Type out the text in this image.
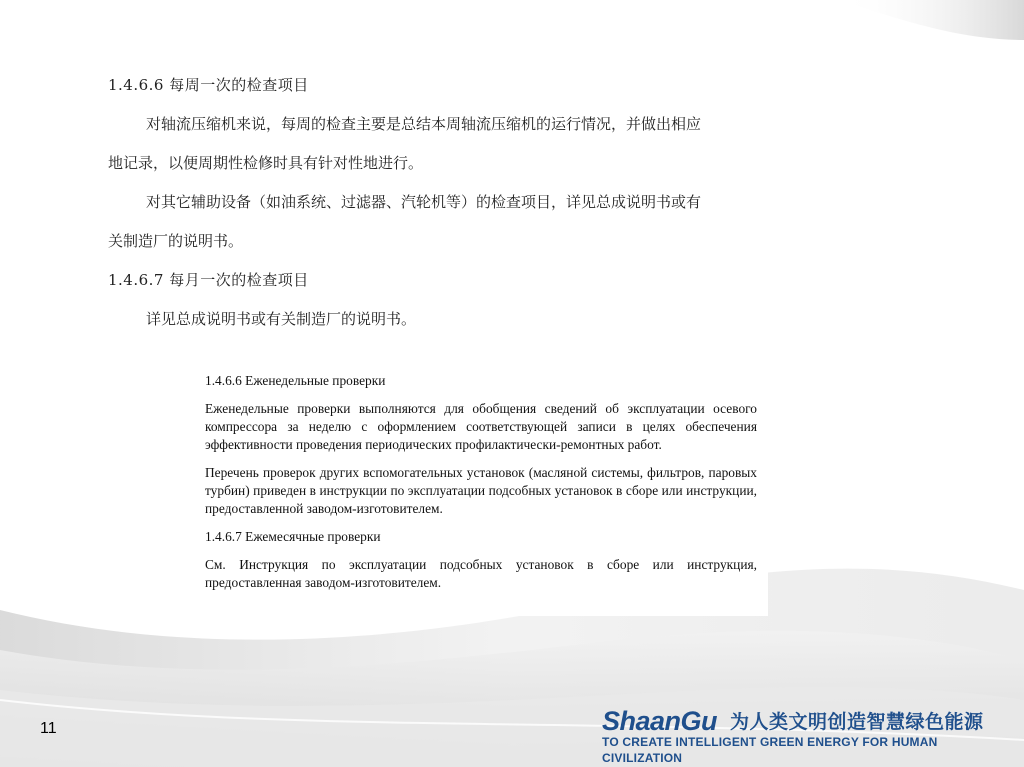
1.4.6.6 每周一次的检查项目
对轴流压缩机来说，每周的检查主要是总结本周轴流压缩机的运行情况，并做出相应
地记录，以便周期性检修时具有针对性地进行。
对其它辅助设备（如油系统、过滤器、汽轮机等）的检查项目，详见总成说明书或有
关制造厂的说明书。
1.4.6.7 每月一次的检查项目
详见总成说明书或有关制造厂的说明书。
1.4.6.6 Еженедельные проверки
Еженедельные проверки выполняются для обобщения сведений об эксплуатации осевого компрессора за неделю с оформлением соответствующей записи в целях обеспечения эффективности проведения периодических профилактически-ремонтных работ.
Перечень проверок других вспомогательных установок (масляной системы, фильтров, паровых турбин) приведен в инструкции по эксплуатации подсобных установок в сборе или инструкции, предоставленной заводом-изготовителем.
1.4.6.7 Ежемесячные проверки
См. Инструкция по эксплуатации подсобных установок в сборе или инструкция, предоставленная заводом-изготовителем.
11	ShaanGu 为人类文明创造智慧绿色能源
TO CREATE INTELLIGENT GREEN ENERGY FOR HUMAN CIVILIZATION
